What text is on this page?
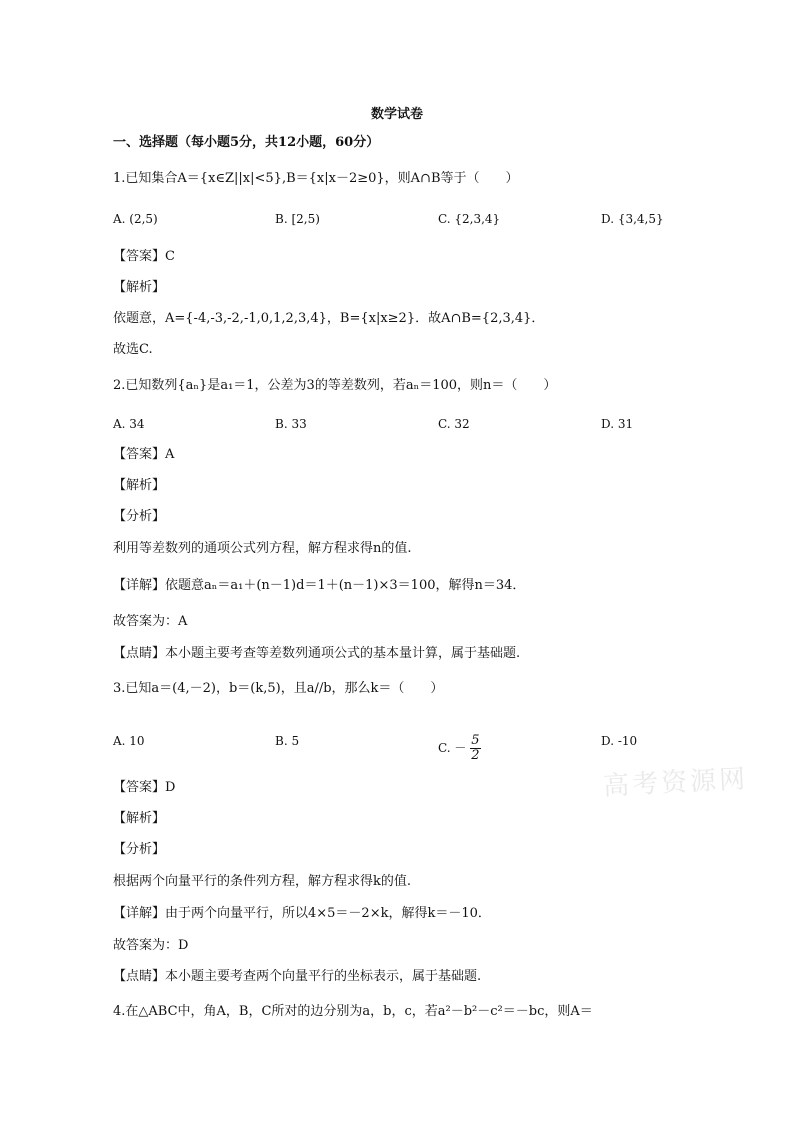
数学试卷
一、选择题（每小题5分，共12小题，60分）
1.已知集合A＝{x∈Z||x|<5},B＝{x|x－2≥0}，则A∩B等于（　　）
A. (2,5)	B. [2,5)	C. {2,3,4}	D. {3,4,5}
【答案】C
【解析】
依题意，A={-4,-3,-2,-1,0,1,2,3,4}，B={x|x≥2}．故A∩B={2,3,4}．
故选C.
2.已知数列{aₙ}是a₁＝1，公差为3的等差数列，若aₙ＝100，则n＝（　　）
A. 34	B. 33	C. 32	D. 31
【答案】A
【解析】
【分析】
利用等差数列的通项公式列方程，解方程求得n的值.
【详解】依题意aₙ＝a₁＋(n－1)d＝1＋(n－1)×3＝100，解得n＝34．
故答案为：A
【点睛】本小题主要考查等差数列通项公式的基本量计算，属于基础题.
3.已知a＝(4,－2)，b＝(k,5)，且a//b，那么k＝（　　）
A. 10	B. 5	C. － $\frac{5}{2}$	D. -10
【答案】D
【解析】
【分析】
根据两个向量平行的条件列方程，解方程求得k的值.
【详解】由于两个向量平行，所以4×5＝－2×k，解得k＝－10．
故答案为：D
【点睛】本小题主要考查两个向量平行的坐标表示，属于基础题.
4.在△ABC中，角A，B，C所对的边分别为a，b，c，若a²－b²－c²＝－bc，则A＝
高考资源网
